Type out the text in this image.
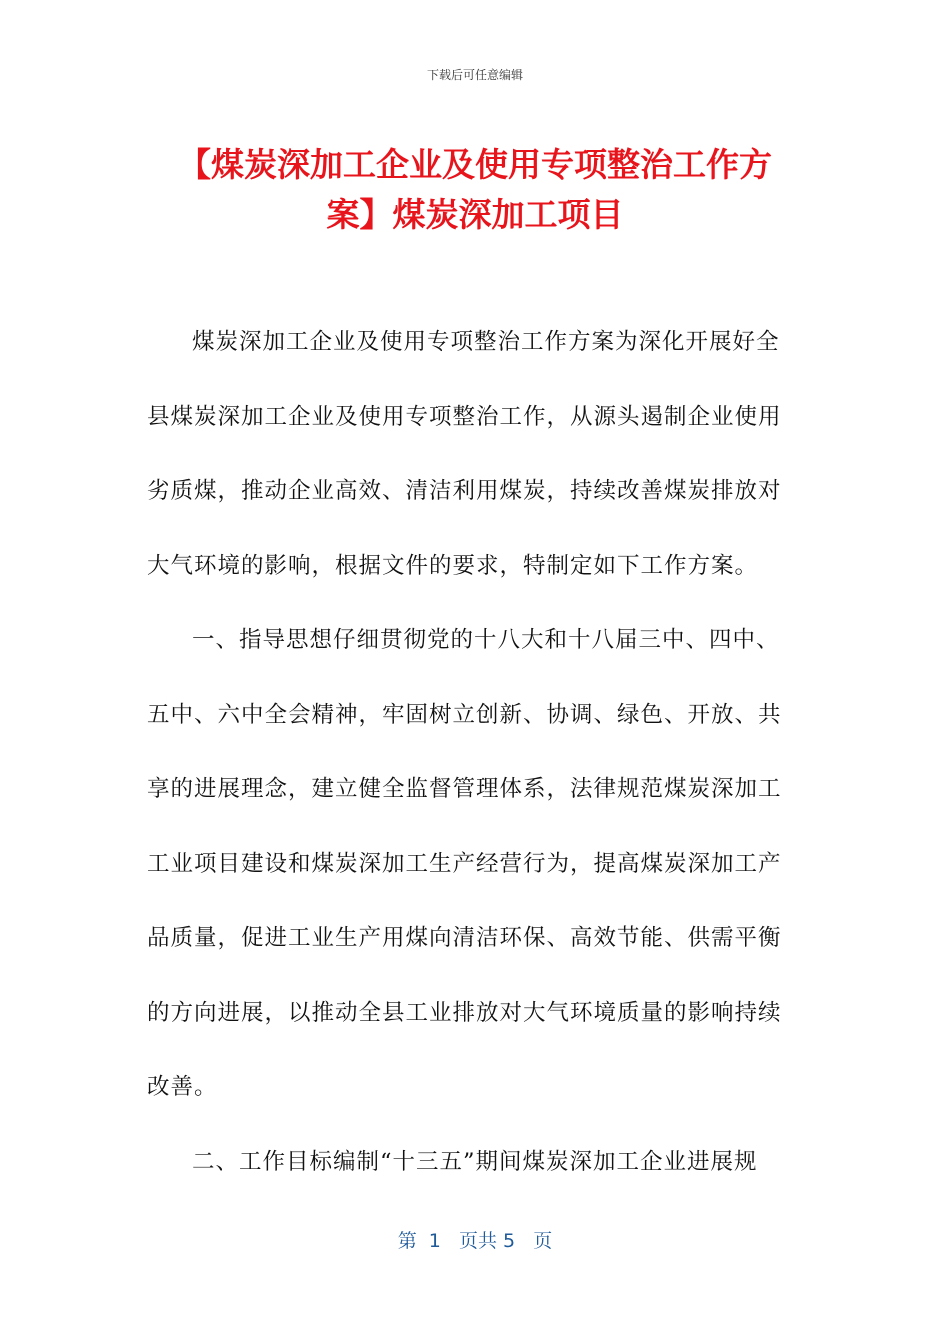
下载后可任意编辑
【煤炭深加工企业及使用专项整治工作方
案】煤炭深加工项目
煤炭深加工企业及使用专项整治工作方案为深化开展好全
县煤炭深加工企业及使用专项整治工作，从源头遏制企业使用
劣质煤，推动企业高效、清洁利用煤炭，持续改善煤炭排放对
大气环境的影响，根据文件的要求，特制定如下工作方案。
一、指导思想仔细贯彻党的十八大和十八届三中、四中、
五中、六中全会精神，牢固树立创新、协调、绿色、开放、共
享的进展理念，建立健全监督管理体系，法律规范煤炭深加工
工业项目建设和煤炭深加工生产经营行为，提高煤炭深加工产
品质量，促进工业生产用煤向清洁环保、高效节能、供需平衡
的方向进展，以推动全县工业排放对大气环境质量的影响持续
改善。
二、工作目标编制“十三五”期间煤炭深加工企业进展规
第  1   页共 5   页
